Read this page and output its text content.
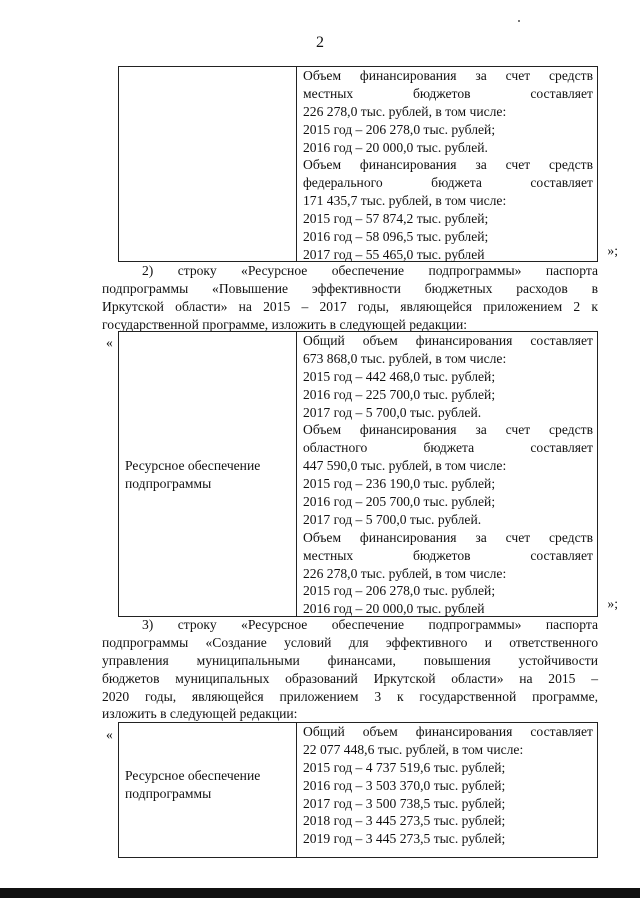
2
Объем финансирования за счет средств
местных бюджетов составляет
226 278,0 тыс. рублей, в том числе:
2015 год – 206 278,0 тыс. рублей;
2016 год – 20 000,0 тыс. рублей.
Объем финансирования за счет средств
федерального бюджета составляет
171 435,7 тыс. рублей, в том числе:
2015 год – 57 874,2 тыс. рублей;
2016 год – 58 096,5 тыс. рублей;
2017 год – 55 465,0 тыс. рублей	»;
2) строку «Ресурсное обеспечение подпрограммы» паспорта
подпрограммы «Повышение эффективности бюджетных расходов в
Иркутской области» на 2015 – 2017 годы, являющейся приложением 2 к
государственной программе, изложить в следующей редакции:
«
Ресурсное обеспечение подпрограммы
Общий объем финансирования составляет
673 868,0 тыс. рублей, в том числе:
2015 год – 442 468,0 тыс. рублей;
2016 год – 225 700,0 тыс. рублей;
2017 год – 5 700,0 тыс. рублей.
Объем финансирования за счет средств
областного бюджета составляет
447 590,0 тыс. рублей, в том числе:
2015 год – 236 190,0 тыс. рублей;
2016 год – 205 700,0 тыс. рублей;
2017 год – 5 700,0 тыс. рублей.
Объем финансирования за счет средств
местных бюджетов составляет
226 278,0 тыс. рублей, в том числе:
2015 год – 206 278,0 тыс. рублей;
2016 год – 20 000,0 тыс. рублей	»;
3) строку «Ресурсное обеспечение подпрограммы» паспорта
подпрограммы «Создание условий для эффективного и ответственного
управления муниципальными финансами, повышения устойчивости
бюджетов муниципальных образований Иркутской области» на 2015 –
2020 годы, являющейся приложением 3 к государственной программе,
изложить в следующей редакции:
«
Ресурсное обеспечение подпрограммы
Общий объем финансирования составляет
22 077 448,6 тыс. рублей, в том числе:
2015 год – 4 737 519,6 тыс. рублей;
2016 год – 3 503 370,0 тыс. рублей;
2017 год – 3 500 738,5 тыс. рублей;
2018 год – 3 445 273,5 тыс. рублей;
2019 год – 3 445 273,5 тыс. рублей;
